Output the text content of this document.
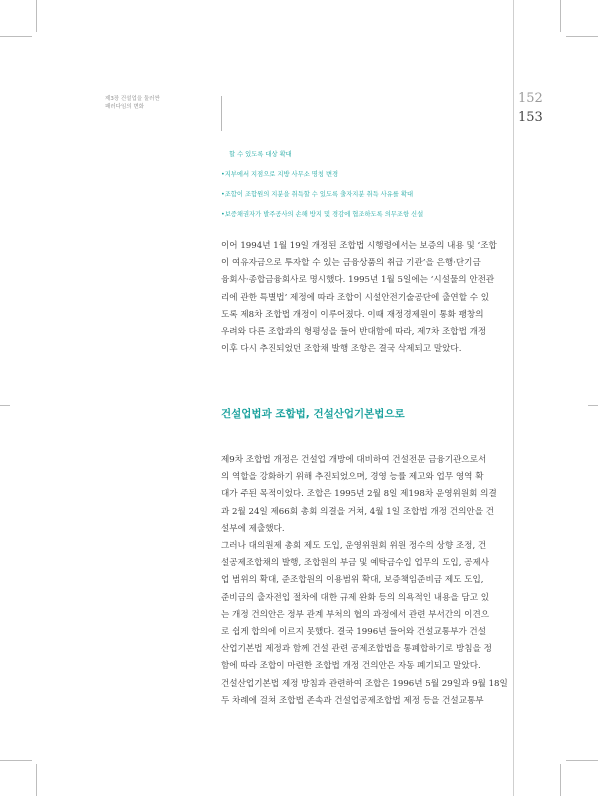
제3장 건설업을 둘러싼
패러다임의 변화
152
153
할 수 있도록 대상 확대
•지부에서 지점으로 지방 사무소 명칭 변경
•조합이 조합원의 지분을 취득할 수 있도록 출자지분 취득 사유를 확대
•보증채권자가 발주공사의 손해 방지 및 경감에 협조하도록 의무조항 신설
이어 1994년 1월 19일 개정된 조합법 시행령에서는 보증의 내용 및 ‘조합
이 여유자금으로 투자할 수 있는 금융상품의 취급 기관’을 은행·단기금
융회사·종합금융회사로 명시했다. 1995년 1월 5일에는 ‘시설물의 안전관
리에 관한 특별법’ 제정에 따라 조합이 시설안전기술공단에 출연할 수 있
도록 제8차 조합법 개정이 이루어졌다. 이때 재정경제원이 통화 팽창의
우려와 다른 조합과의 형평성을 들어 반대함에 따라, 제7차 조합법 개정
이후 다시 추진되었던 조합채 발행 조항은 결국 삭제되고 말았다.
건설업법과 조합법, 건설산업기본법으로
제9차 조합법 개정은 건설업 개방에 대비하여 건설전문 금융기관으로서
의 역할을 강화하기 위해 추진되었으며, 경영 능률 제고와 업무 영역 확
대가 주된 목적이었다. 조합은 1995년 2월 8일 제198차 운영위원회 의결
과 2월 24일 제66회 총회 의결을 거쳐, 4월 1일 조합법 개정 건의안을 건
설부에 제출했다.
그러나 대의원제 총회 제도 도입, 운영위원회 위원 정수의 상향 조정, 건
설공제조합채의 발행, 조합원의 부금 및 예탁금수입 업무의 도입, 공제사
업 범위의 확대, 준조합원의 이용범위 확대, 보증책임준비금 제도 도입,
준비금의 출자전입 절차에 대한 규제 완화 등의 의욕적인 내용을 담고 있
는 개정 건의안은 정부 관계 부처의 협의 과정에서 관련 부서간의 이견으
로 쉽게 합의에 이르지 못했다. 결국 1996년 들어와 건설교통부가 건설
산업기본법 제정과 함께 건설 관련 공제조합법을 통폐합하기로 방침을 정
함에 따라 조합이 마련한 조합법 개정 건의안은 자동 폐기되고 말았다.
건설산업기본법 제정 방침과 관련하여 조합은 1996년 5월 29일과 9월 18일
두 차례에 걸쳐 조합법 존속과 건설업공제조합법 제정 등을 건설교통부
